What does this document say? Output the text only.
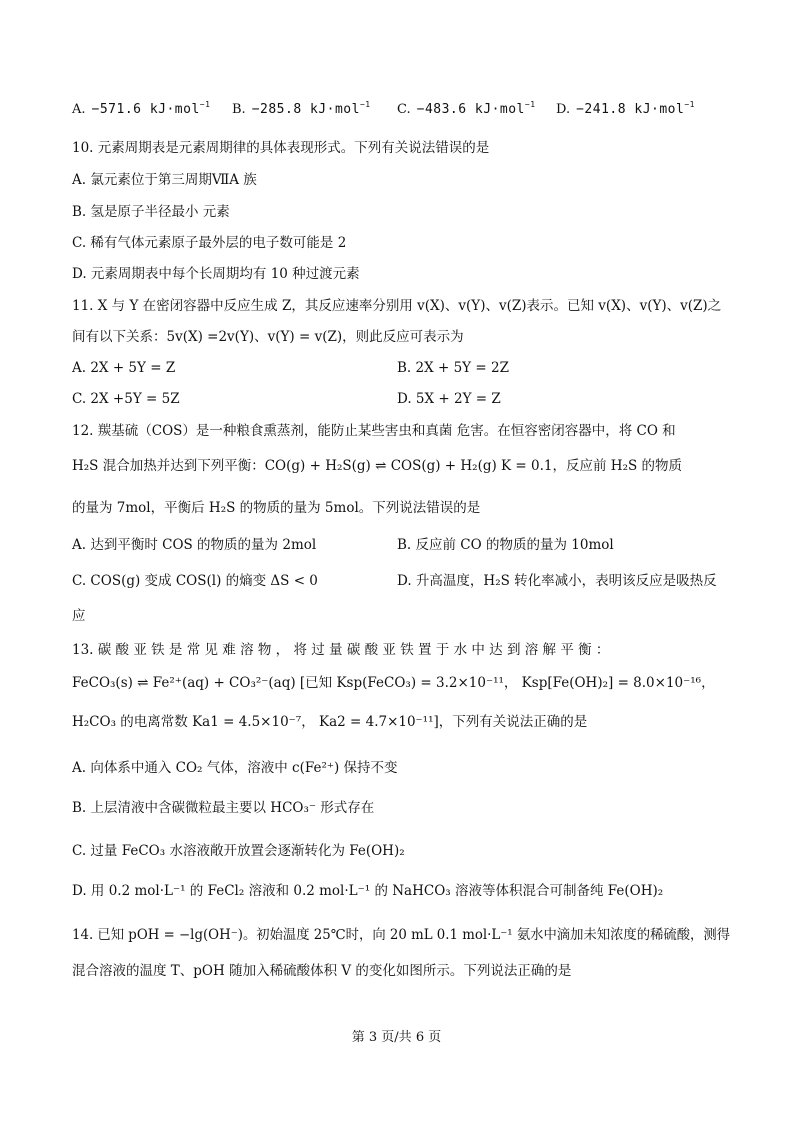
A. −571.6 kJ·mol$^{-1}$ B. −285.8 kJ·mol$^{-1}$ C. −483.6 kJ·mol$^{-1}$ D. −241.8 kJ·mol$^{-1}$
10. 元素周期表是元素周期律的具体表现形式。下列有关说法错误的是
A. 氯元素位于第三周期ⅦA 族
B. 氢是原子半径最小 元素
C. 稀有气体元素原子最外层的电子数可能是 2
D. 元素周期表中每个长周期均有 10 种过渡元素
11. X 与 Y 在密闭容器中反应生成 Z，其反应速率分别用 v(X)、v(Y)、v(Z)表示。已知 v(X)、v(Y)、v(Z)之
间有以下关系：5v(X) =2v(Y)、v(Y) = v(Z)，则此反应可表示为
A. 2X + 5Y = Z	B. 2X + 5Y = 2Z
C. 2X +5Y = 5Z	D. 5X + 2Y = Z
12. 羰基硫（COS）是一种粮食熏蒸剂，能防止某些害虫和真菌 危害。在恒容密闭容器中，将 CO 和
H₂S 混合加热并达到下列平衡：CO(g) + H₂S(g) ⇌ COS(g) + H₂(g) K = 0.1，反应前 H₂S 的物质
的量为 7mol，平衡后 H₂S 的物质的量为 5mol。下列说法错误的是
A. 达到平衡时 COS 的物质的量为 2mol	B. 反应前 CO 的物质的量为 10mol
C. COS(g) 变成 COS(l) 的熵变 ΔS < 0	D. 升高温度，H₂S 转化率减小，表明该反应是吸热反
应
13. 碳 酸 亚 铁 是 常 见 难 溶 物 ， 将 过 量 碳 酸 亚 铁 置 于 水 中 达 到 溶 解 平 衡 ：
FeCO₃(s) ⇌ Fe²⁺(aq) + CO₃²⁻(aq) [已知 Ksp(FeCO₃) = 3.2×10⁻¹¹， Ksp[Fe(OH)₂] = 8.0×10⁻¹⁶，
H₂CO₃ 的电离常数 Ka1 = 4.5×10⁻⁷， Ka2 = 4.7×10⁻¹¹]，下列有关说法正确的是
A. 向体系中通入 CO₂ 气体，溶液中 c(Fe²⁺) 保持不变
B. 上层清液中含碳微粒最主要以 HCO₃⁻ 形式存在
C. 过量 FeCO₃ 水溶液敞开放置会逐渐转化为 Fe(OH)₂
D. 用 0.2 mol·L⁻¹ 的 FeCl₂ 溶液和 0.2 mol·L⁻¹ 的 NaHCO₃ 溶液等体积混合可制备纯 Fe(OH)₂
14. 已知 pOH = −lg(OH⁻)。初始温度 25℃时，向 20 mL 0.1 mol·L⁻¹ 氨水中滴加未知浓度的稀硫酸，测得
混合溶液的温度 T、pOH 随加入稀硫酸体积 V 的变化如图所示。下列说法正确的是
第 3 页/共 6 页
